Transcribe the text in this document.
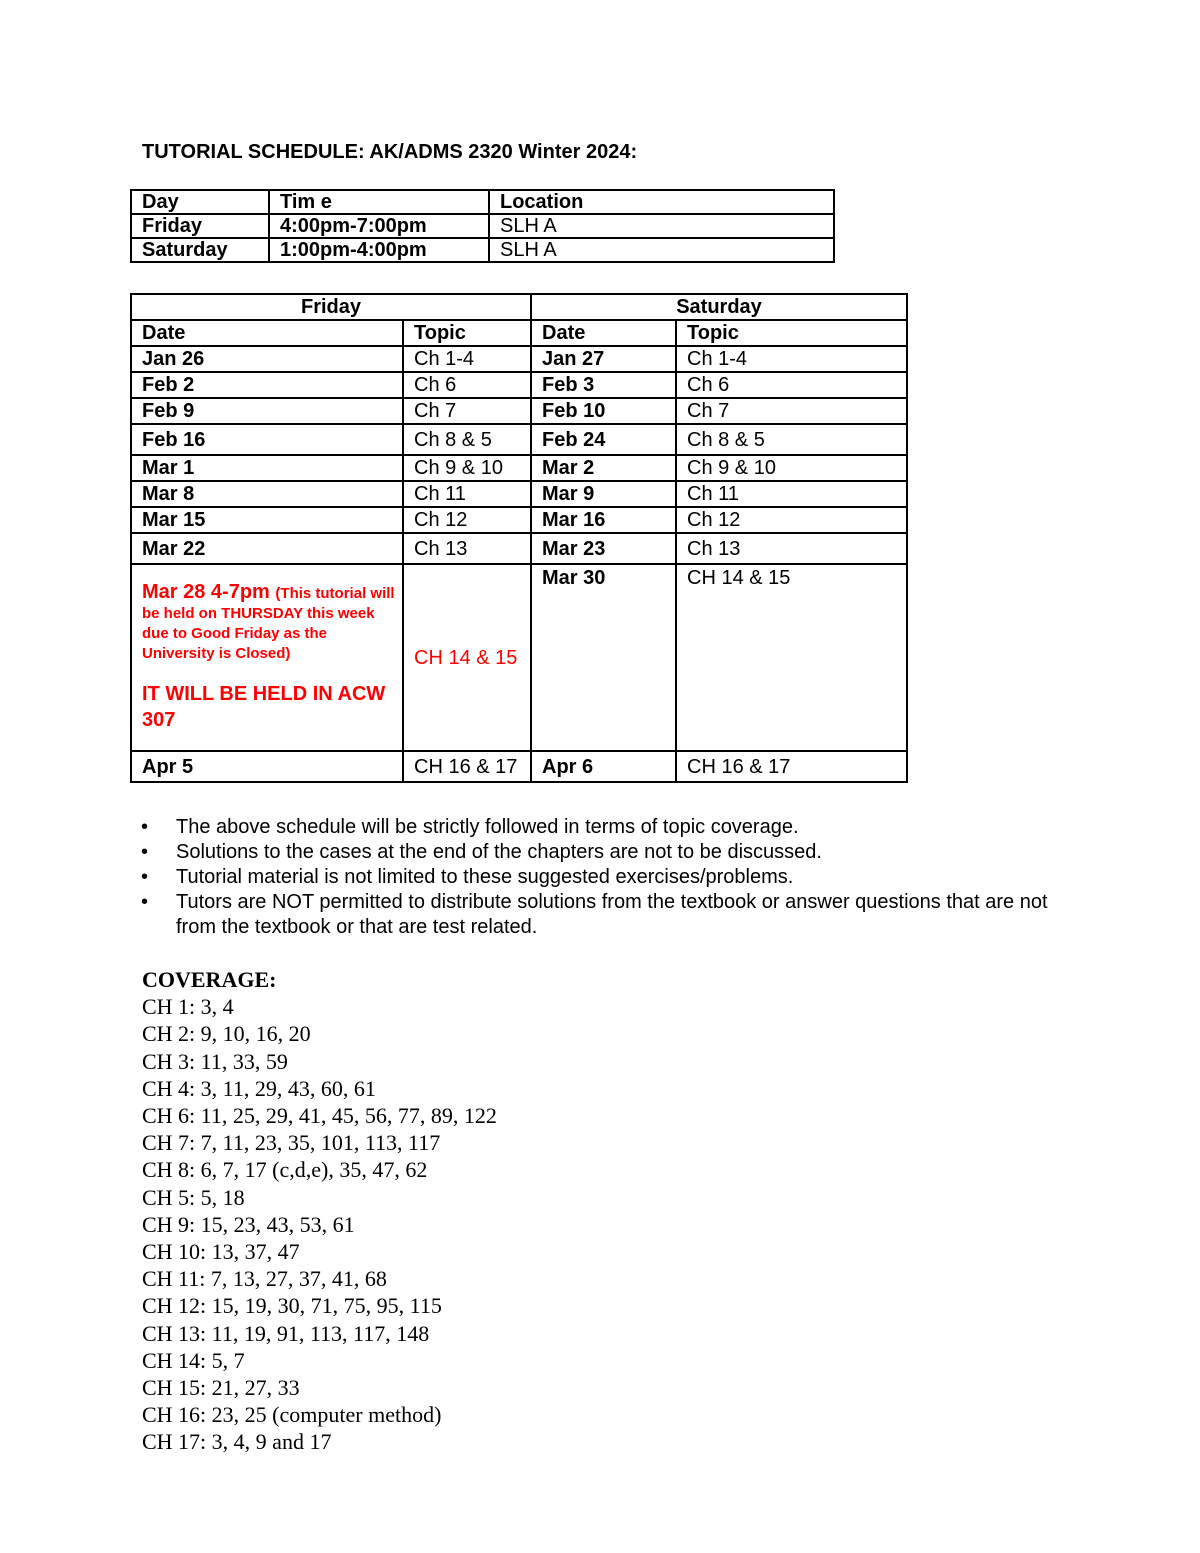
TUTORIAL SCHEDULE: AK/ADMS 2320 Winter 2024:
Day	Tim e	Location
Friday	4:00pm-7:00pm	SLH A
Saturday	1:00pm-4:00pm	SLH A
Friday		Saturday	
Date	Topic	Date	Topic
Jan 26	Ch 1-4	Jan 27	Ch 1-4
Feb 2	Ch 6	Feb 3	Ch 6
Feb 9	Ch 7	Feb 10	Ch 7
Feb 16	Ch 8 & 5	Feb 24	Ch 8 & 5
Mar 1	Ch 9 & 10	Mar 2	Ch 9 & 10
Mar 8	Ch 11	Mar 9	Ch 11
Mar 15	Ch 12	Mar 16	Ch 12
Mar 22	Ch 13	Mar 23	Ch 13

Mar 28 4-7pm (This tutorial will be held on THURSDAY this week due to Good Friday as the University is Closed)
IT WILL BE HELD IN ACW 307	CH 14 & 15	Mar 30	CH 14 & 15
Apr 5	CH 16 & 17	Apr 6	CH 16 & 17
• The above schedule will be strictly followed in terms of topic coverage.
• Solutions to the cases at the end of the chapters are not to be discussed.
• Tutorial material is not limited to these suggested exercises/problems.
• Tutors are NOT permitted to distribute solutions from the textbook or answer questions that are not from the textbook or that are test related.
COVERAGE:
CH 1: 3, 4
CH 2: 9, 10, 16, 20
CH 3: 11, 33, 59
CH 4: 3, 11, 29, 43, 60, 61
CH 6: 11, 25, 29, 41, 45, 56, 77, 89, 122
CH 7: 7, 11, 23, 35, 101, 113, 117
CH 8: 6, 7, 17 (c,d,e), 35, 47, 62
CH 5: 5, 18
CH 9: 15, 23, 43, 53, 61
CH 10: 13, 37, 47
CH 11: 7, 13, 27, 37, 41, 68
CH 12: 15, 19, 30, 71, 75, 95, 115
CH 13: 11, 19, 91, 113, 117, 148
CH 14: 5, 7
CH 15: 21, 27, 33
CH 16: 23, 25 (computer method)
CH 17: 3, 4, 9 and 17
